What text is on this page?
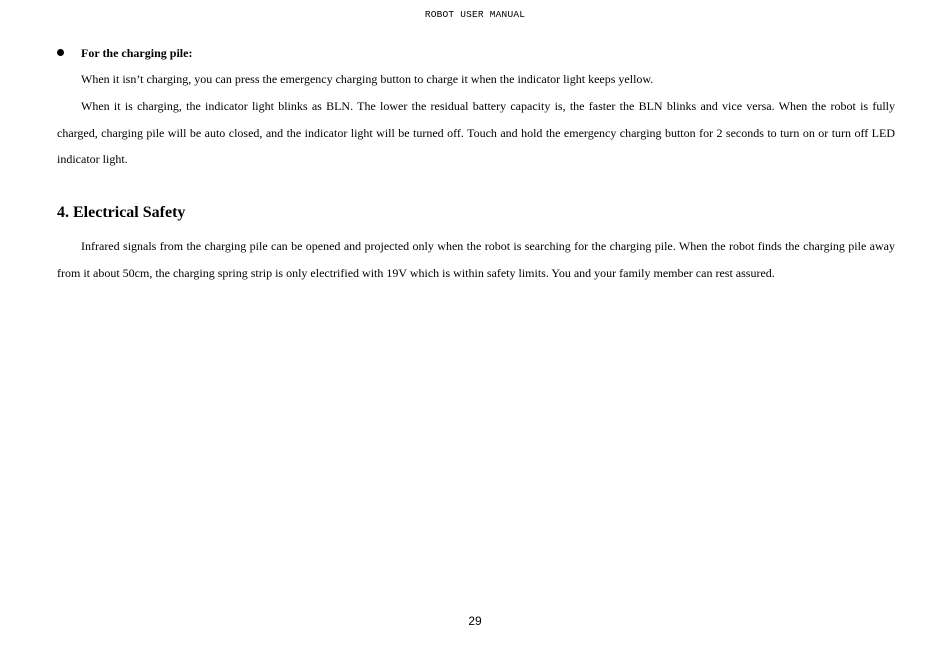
ROBOT USER MANUAL
For the charging pile:

When it isn’t charging, you can press the emergency charging button to charge it when the indicator light keeps yellow.

When it is charging, the indicator light blinks as BLN. The lower the residual battery capacity is, the faster the BLN blinks and vice versa. When the robot is fully charged, charging pile will be auto closed, and the indicator light will be turned off. Touch and hold the emergency charging button for 2 seconds to turn on or turn off LED indicator light.

4. Electrical Safety

Infrared signals from the charging pile can be opened and projected only when the robot is searching for the charging pile. When the robot finds the charging pile away from it about 50cm, the charging spring strip is only electrified with 19V which is within safety limits. You and your family member can rest assured.

29
